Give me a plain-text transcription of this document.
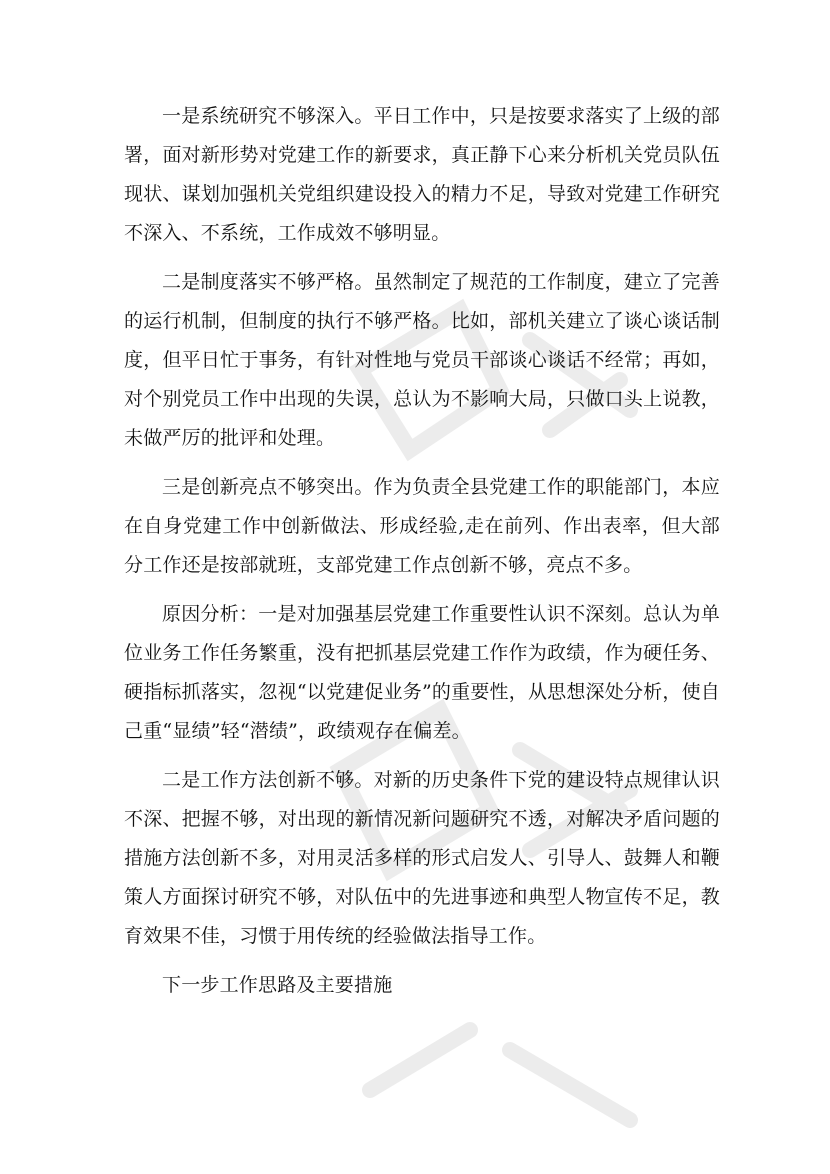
一是系统研究不够深入。平日工作中，只是按要求落实了上级的部署，面对新形势对党建工作的新要求，真正静下心来分析机关党员队伍现状、谋划加强机关党组织建设投入的精力不足，导致对党建工作研究不深入、不系统，工作成效不够明显。

二是制度落实不够严格。虽然制定了规范的工作制度，建立了完善的运行机制，但制度的执行不够严格。比如，部机关建立了谈心谈话制度，但平日忙于事务，有针对性地与党员干部谈心谈话不经常；再如，对个别党员工作中出现的失误，总认为不影响大局，只做口头上说教，未做严厉的批评和处理。

三是创新亮点不够突出。作为负责全县党建工作的职能部门，本应在自身党建工作中创新做法、形成经验,走在前列、作出表率，但大部分工作还是按部就班，支部党建工作点创新不够，亮点不多。

原因分析：一是对加强基层党建工作重要性认识不深刻。总认为单位业务工作任务繁重，没有把抓基层党建工作作为政绩，作为硬任务、硬指标抓落实，忽视“以党建促业务”的重要性，从思想深处分析，使自己重“显绩”轻“潜绩”，政绩观存在偏差。

二是工作方法创新不够。对新的历史条件下党的建设特点规律认识不深、把握不够，对出现的新情况新问题研究不透，对解决矛盾问题的措施方法创新不多，对用灵活多样的形式启发人、引导人、鼓舞人和鞭策人方面探讨研究不够，对队伍中的先进事迹和典型人物宣传不足，教育效果不佳，习惯于用传统的经验做法指导工作。

下一步工作思路及主要措施
